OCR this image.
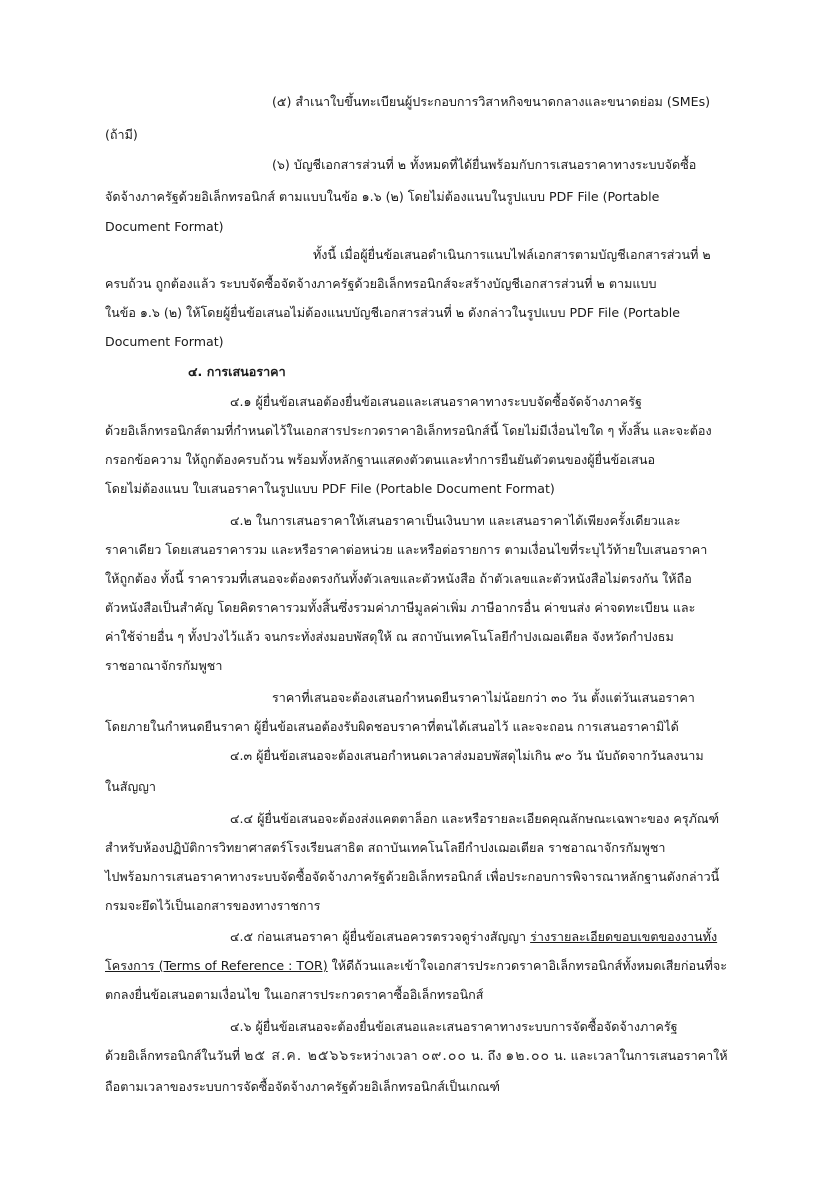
(๕) สำเนาใบขึ้นทะเบียนผู้ประกอบการวิสาหกิจขนาดกลางและขนาดย่อม (SMEs)
(ถ้ามี)
(๖) บัญชีเอกสารส่วนที่ ๒ ทั้งหมดที่ได้ยื่นพร้อมกับการเสนอราคาทางระบบจัดซื้อ
จัดจ้างภาครัฐด้วยอิเล็กทรอนิกส์ ตามแบบในข้อ ๑.๖ (๒) โดยไม่ต้องแนบในรูปแบบ PDF File (Portable
Document Format)
ทั้งนี้ เมื่อผู้ยื่นข้อเสนอดำเนินการแนบไฟล์เอกสารตามบัญชีเอกสารส่วนที่ ๒
ครบถ้วน ถูกต้องแล้ว ระบบจัดซื้อจัดจ้างภาครัฐด้วยอิเล็กทรอนิกส์จะสร้างบัญชีเอกสารส่วนที่ ๒ ตามแบบ
ในข้อ ๑.๖ (๒) ให้โดยผู้ยื่นข้อเสนอไม่ต้องแนบบัญชีเอกสารส่วนที่ ๒ ดังกล่าวในรูปแบบ PDF File (Portable
Document Format)
๔. การเสนอราคา
๔.๑ ผู้ยื่นข้อเสนอต้องยื่นข้อเสนอและเสนอราคาทางระบบจัดซื้อจัดจ้างภาครัฐ
ด้วยอิเล็กทรอนิกส์ตามที่กำหนดไว้ในเอกสารประกวดราคาอิเล็กทรอนิกส์นี้ โดยไม่มีเงื่อนไขใด ๆ ทั้งสิ้น และจะต้อง
กรอกข้อความ ให้ถูกต้องครบถ้วน พร้อมทั้งหลักฐานแสดงตัวตนและทำการยืนยันตัวตนของผู้ยื่นข้อเสนอ
โดยไม่ต้องแนบ ใบเสนอราคาในรูปแบบ PDF File (Portable Document Format)
๔.๒ ในการเสนอราคาให้เสนอราคาเป็นเงินบาท และเสนอราคาได้เพียงครั้งเดียวและ
ราคาเดียว โดยเสนอราคารวม และหรือราคาต่อหน่วย และหรือต่อรายการ ตามเงื่อนไขที่ระบุไว้ท้ายใบเสนอราคา
ให้ถูกต้อง ทั้งนี้ ราคารวมที่เสนอจะต้องตรงกันทั้งตัวเลขและตัวหนังสือ ถ้าตัวเลขและตัวหนังสือไม่ตรงกัน ให้ถือ
ตัวหนังสือเป็นสำคัญ โดยคิดราคารวมทั้งสิ้นซึ่งรวมค่าภาษีมูลค่าเพิ่ม ภาษีอากรอื่น ค่าขนส่ง ค่าจดทะเบียน และ
ค่าใช้จ่ายอื่น ๆ ทั้งปวงไว้แล้ว จนกระทั่งส่งมอบพัสดุให้ ณ สถาบันเทคโนโลยีกำปงเฌอเตียล จังหวัดกำปงธม
ราชอาณาจักรกัมพูชา
ราคาที่เสนอจะต้องเสนอกำหนดยืนราคาไม่น้อยกว่า ๓๐ วัน ตั้งแต่วันเสนอราคา
โดยภายในกำหนดยืนราคา ผู้ยื่นข้อเสนอต้องรับผิดชอบราคาที่ตนได้เสนอไว้ และจะถอน การเสนอราคามิได้
๔.๓ ผู้ยื่นข้อเสนอจะต้องเสนอกำหนดเวลาส่งมอบพัสดุไม่เกิน ๙๐ วัน นับถัดจากวันลงนาม
ในสัญญา
๔.๔ ผู้ยื่นข้อเสนอจะต้องส่งแคตตาล็อก และหรือรายละเอียดคุณลักษณะเฉพาะของ ครุภัณฑ์
สำหรับห้องปฏิบัติการวิทยาศาสตร์โรงเรียนสาธิต สถาบันเทคโนโลยีกำปงเฌอเตียล ราชอาณาจักรกัมพูชา
ไปพร้อมการเสนอราคาทางระบบจัดซื้อจัดจ้างภาครัฐด้วยอิเล็กทรอนิกส์ เพื่อประกอบการพิจารณาหลักฐานดังกล่าวนี้
กรมจะยึดไว้เป็นเอกสารของทางราชการ
๔.๕ ก่อนเสนอราคา ผู้ยื่นข้อเสนอควรตรวจดูร่างสัญญา ร่างรายละเอียดขอบเขตของงานทั้ง
โครงการ (Terms of Reference : TOR) ให้ดีถ้วนและเข้าใจเอกสารประกวดราคาอิเล็กทรอนิกส์ทั้งหมดเสียก่อนที่จะ
ตกลงยื่นข้อเสนอตามเงื่อนไข ในเอกสารประกวดราคาซื้ออิเล็กทรอนิกส์
๔.๖ ผู้ยื่นข้อเสนอจะต้องยื่นข้อเสนอและเสนอราคาทางระบบการจัดซื้อจัดจ้างภาครัฐ
ด้วยอิเล็กทรอนิกส์ในวันที่ ๒๕ ส.ค. ๒๕๖๖ระหว่างเวลา ๐๙.๐๐ น. ถึง ๑๒.๐๐ น. และเวลาในการเสนอราคาให้
ถือตามเวลาของระบบการจัดซื้อจัดจ้างภาครัฐด้วยอิเล็กทรอนิกส์เป็นเกณฑ์
